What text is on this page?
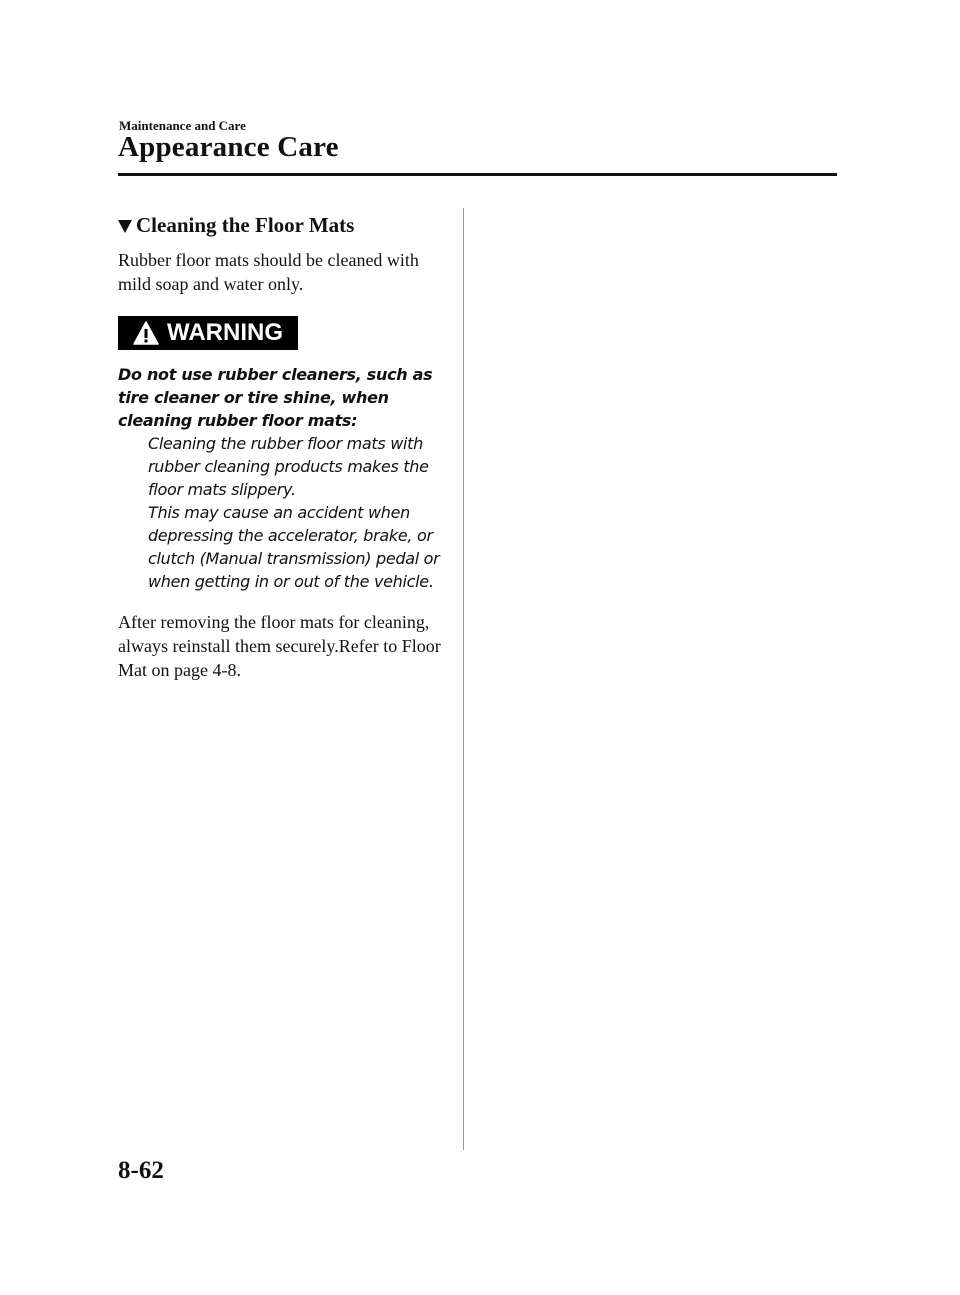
Maintenance and Care
Appearance Care
Cleaning the Floor Mats

Rubber floor mats should be cleaned with mild soap and water only.

WARNING

Do not use rubber cleaners, such as tire cleaner or tire shine, when cleaning rubber floor mats:

Cleaning the rubber floor mats with rubber cleaning products makes the floor mats slippery.

This may cause an accident when depressing the accelerator, brake, or clutch (Manual transmission) pedal or when getting in or out of the vehicle.

After removing the floor mats for cleaning, always reinstall them securely.Refer to Floor Mat on page 4-8.

8-62
